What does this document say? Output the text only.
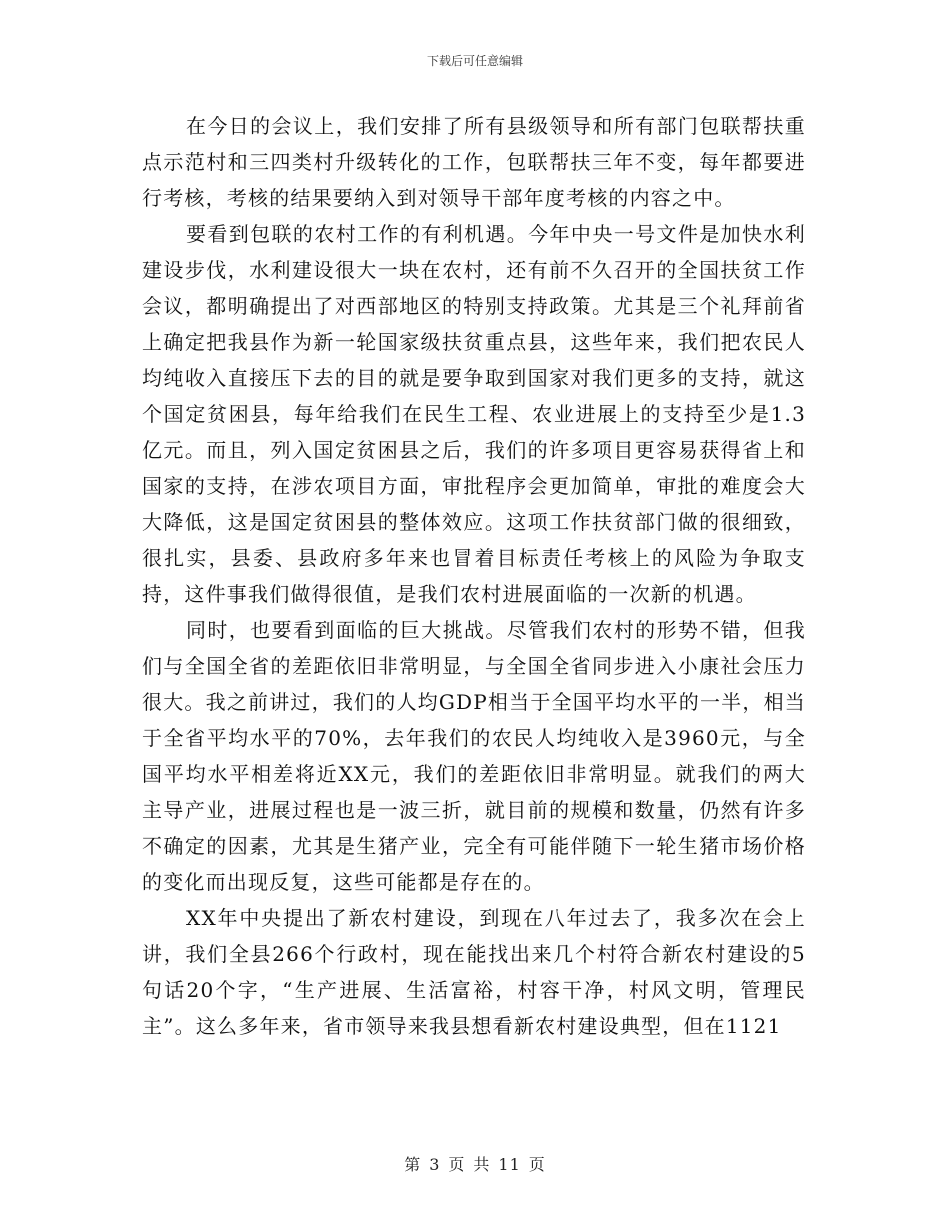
下载后可任意编辑

在今日的会议上，我们安排了所有县级领导和所有部门包联帮扶重点示范村和三四类村升级转化的工作，包联帮扶三年不变，每年都要进行考核，考核的结果要纳入到对领导干部年度考核的内容之中。

要看到包联的农村工作的有利机遇。今年中央一号文件是加快水利建设步伐，水利建设很大一块在农村，还有前不久召开的全国扶贫工作会议，都明确提出了对西部地区的特别支持政策。尤其是三个礼拜前省上确定把我县作为新一轮国家级扶贫重点县，这些年来，我们把农民人均纯收入直接压下去的目的就是要争取到国家对我们更多的支持，就这个国定贫困县，每年给我们在民生工程、农业进展上的支持至少是1.3亿元。而且，列入国定贫困县之后，我们的许多项目更容易获得省上和国家的支持，在涉农项目方面，审批程序会更加简单，审批的难度会大大降低，这是国定贫困县的整体效应。这项工作扶贫部门做的很细致，很扎实，县委、县政府多年来也冒着目标责任考核上的风险为争取支持，这件事我们做得很值，是我们农村进展面临的一次新的机遇。

同时，也要看到面临的巨大挑战。尽管我们农村的形势不错，但我们与全国全省的差距依旧非常明显，与全国全省同步进入小康社会压力很大。我之前讲过，我们的人均GDP相当于全国平均水平的一半，相当于全省平均水平的70%，去年我们的农民人均纯收入是3960元，与全国平均水平相差将近XX元，我们的差距依旧非常明显。就我们的两大主导产业，进展过程也是一波三折，就目前的规模和数量，仍然有许多不确定的因素，尤其是生猪产业，完全有可能伴随下一轮生猪市场价格的变化而出现反复，这些可能都是存在的。

XX年中央提出了新农村建设，到现在八年过去了，我多次在会上讲，我们全县266个行政村，现在能找出来几个村符合新农村建设的5句话20个字，“生产进展、生活富裕，村容干净，村风文明，管理民主”。这么多年来，省市领导来我县想看新农村建设典型，但在1121

第 3 页 共 11 页
